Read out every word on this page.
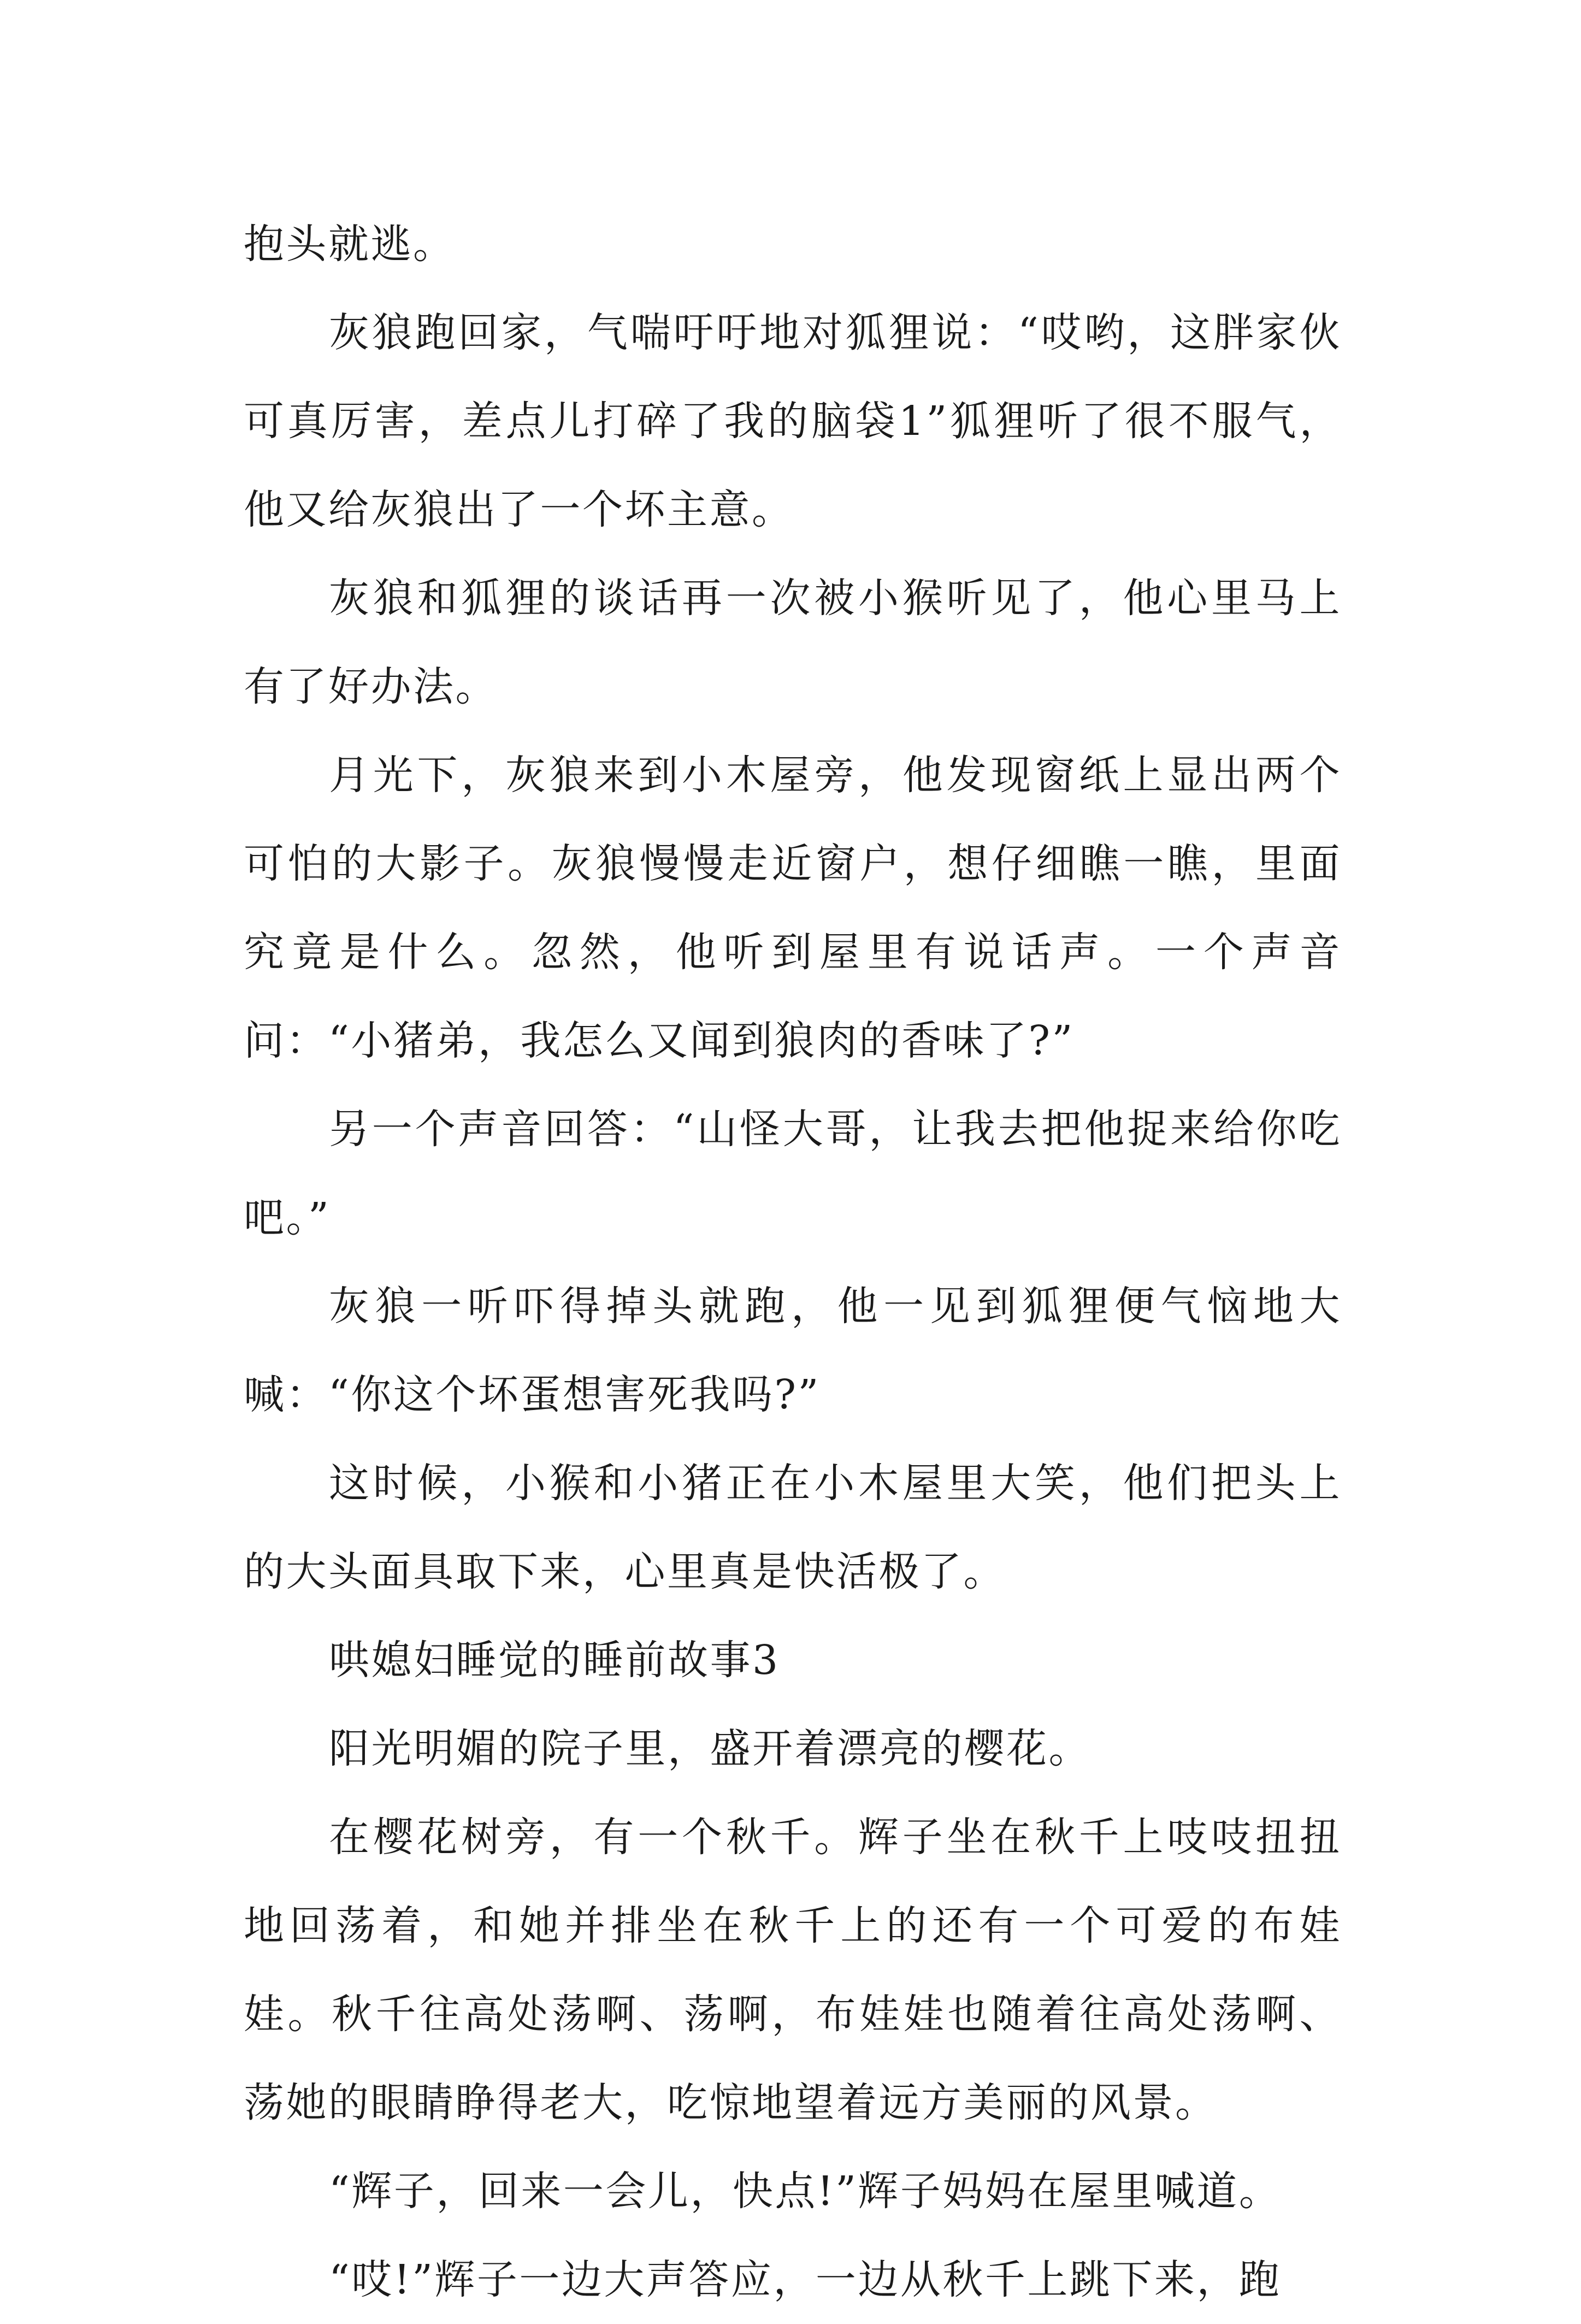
抱头就逃。

灰狼跑回家，气喘吁吁地对狐狸说：“哎哟，这胖家伙可真厉害，差点儿打碎了我的脑袋1”狐狸听了很不服气，他又给灰狼出了一个坏主意。

灰狼和狐狸的谈话再一次被小猴听见了，他心里马上有了好办法。

月光下，灰狼来到小木屋旁，他发现窗纸上显出两个可怕的大影子。灰狼慢慢走近窗户，想仔细瞧一瞧，里面究竟是什么。忽然，他听到屋里有说话声。一个声音问：“小猪弟，我怎么又闻到狼肉的香味了?”

另一个声音回答：“山怪大哥，让我去把他捉来给你吃吧。”

灰狼一听吓得掉头就跑，他一见到狐狸便气恼地大喊：“你这个坏蛋想害死我吗?”

这时候，小猴和小猪正在小木屋里大笑，他们把头上的大头面具取下来，心里真是快活极了。

哄媳妇睡觉的睡前故事3

阳光明媚的院子里，盛开着漂亮的樱花。

在樱花树旁，有一个秋千。辉子坐在秋千上吱吱扭扭地回荡着，和她并排坐在秋千上的还有一个可爱的布娃娃。秋千往高处荡啊、荡啊，布娃娃也随着往高处荡啊、荡她的眼睛睁得老大，吃惊地望着远方美丽的风景。

“辉子，回来一会儿，快点!”辉子妈妈在屋里喊道。

“哎!”辉子一边大声答应，一边从秋千上跳下来，跑
